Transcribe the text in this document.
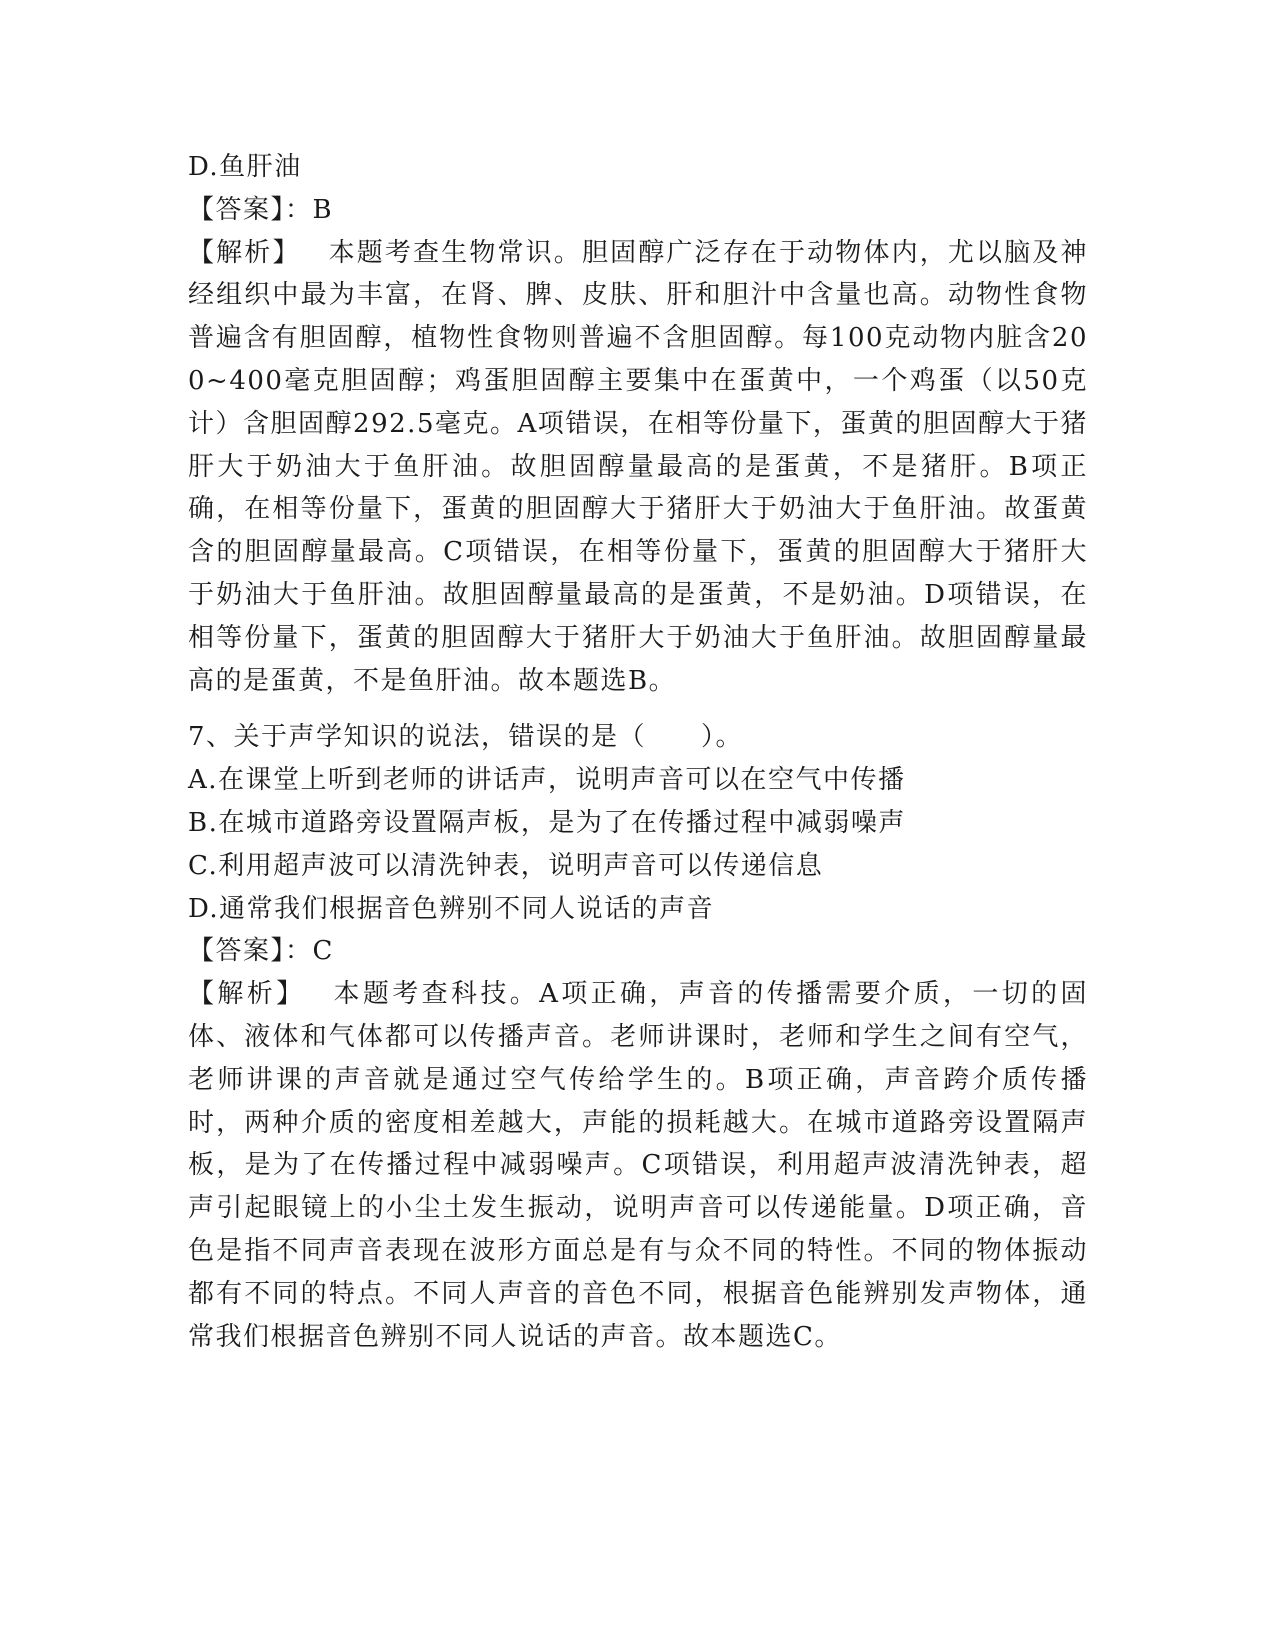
D.鱼肝油
【答案】：B
【解析】 本题考查生物常识。胆固醇广泛存在于动物体内，尤以脑及神经组织中最为丰富，在肾、脾、皮肤、肝和胆汁中含量也高。动物性食物普遍含有胆固醇，植物性食物则普遍不含胆固醇。每100克动物内脏含200~400毫克胆固醇；鸡蛋胆固醇主要集中在蛋黄中，一个鸡蛋（以50克计）含胆固醇292.5毫克。A项错误，在相等份量下，蛋黄的胆固醇大于猪肝大于奶油大于鱼肝油。故胆固醇量最高的是蛋黄，不是猪肝。B项正确，在相等份量下，蛋黄的胆固醇大于猪肝大于奶油大于鱼肝油。故蛋黄含的胆固醇量最高。C项错误，在相等份量下，蛋黄的胆固醇大于猪肝大于奶油大于鱼肝油。故胆固醇量最高的是蛋黄，不是奶油。D项错误，在相等份量下，蛋黄的胆固醇大于猪肝大于奶油大于鱼肝油。故胆固醇量最高的是蛋黄，不是鱼肝油。故本题选B。
7、关于声学知识的说法，错误的是（　　）。
A.在课堂上听到老师的讲话声，说明声音可以在空气中传播
B.在城市道路旁设置隔声板，是为了在传播过程中减弱噪声
C.利用超声波可以清洗钟表，说明声音可以传递信息
D.通常我们根据音色辨别不同人说话的声音
【答案】：C
【解析】 本题考查科技。A项正确，声音的传播需要介质，一切的固体、液体和气体都可以传播声音。老师讲课时，老师和学生之间有空气，老师讲课的声音就是通过空气传给学生的。B项正确，声音跨介质传播时，两种介质的密度相差越大，声能的损耗越大。在城市道路旁设置隔声板，是为了在传播过程中减弱噪声。C项错误，利用超声波清洗钟表，超声引起眼镜上的小尘土发生振动，说明声音可以传递能量。D项正确，音色是指不同声音表现在波形方面总是有与众不同的特性。不同的物体振动都有不同的特点。不同人声音的音色不同，根据音色能辨别发声物体，通常我们根据音色辨别不同人说话的声音。故本题选C。
